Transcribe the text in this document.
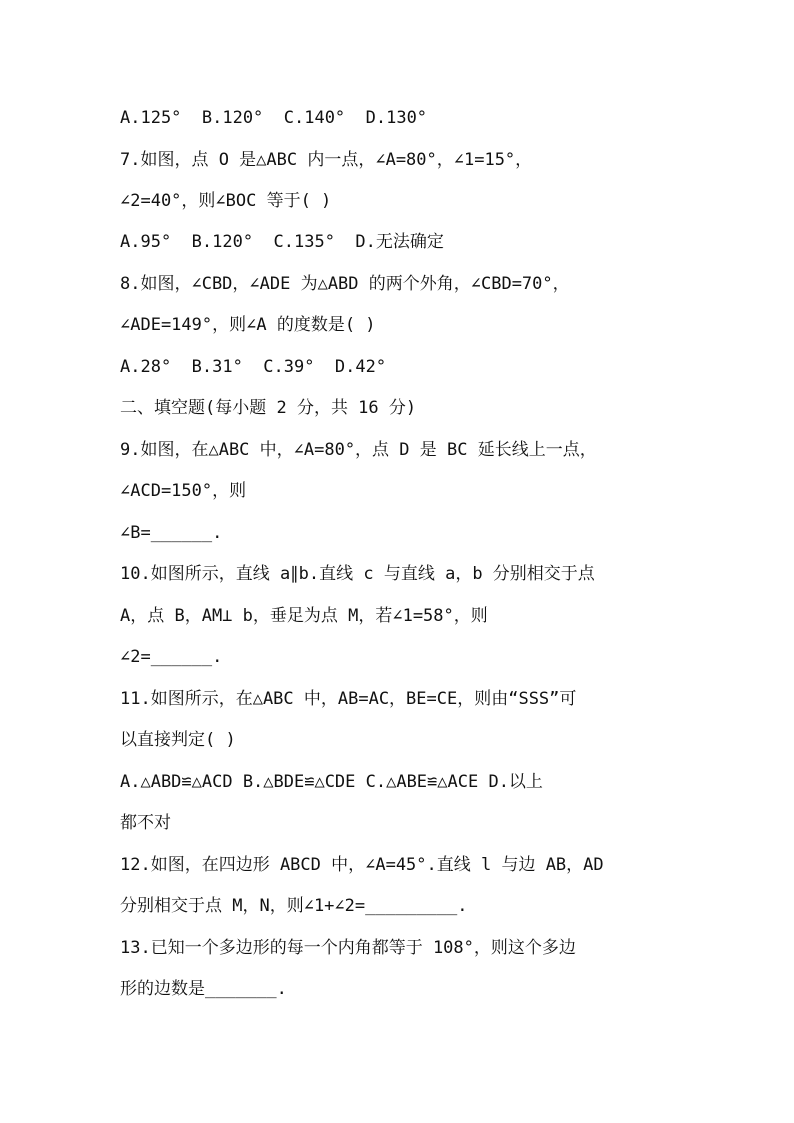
A.125°  B.120°  C.140°  D.130°
7.如图，点 O 是△ABC 内一点，∠A=80°，∠1=15°，
∠2=40°，则∠BOC 等于( )
A.95°  B.120°  C.135°  D.无法确定
8.如图，∠CBD，∠ADE 为△ABD 的两个外角，∠CBD=70°，
∠ADE=149°，则∠A 的度数是( )
A.28°  B.31°  C.39°  D.42°
二、填空题(每小题 2 分，共 16 分)
9.如图，在△ABC 中，∠A=80°，点 D 是 BC 延长线上一点，
∠ACD=150°，则
∠B=______.
10.如图所示，直线 a∥b.直线 c 与直线 a，b 分别相交于点
A，点 B，AM⊥ b，垂足为点 M，若∠1=58°，则
∠2=______.
11.如图所示，在△ABC 中，AB=AC，BE=CE，则由“SSS”可
以直接判定( )
A.△ABD≌△ACD B.△BDE≌△CDE C.△ABE≌△ACE D.以上
都不对
12.如图，在四边形 ABCD 中，∠A=45°.直线 l 与边 AB，AD
分别相交于点 M，N，则∠1+∠2=_________.
13.已知一个多边形的每一个内角都等于 108°，则这个多边
形的边数是_______.
